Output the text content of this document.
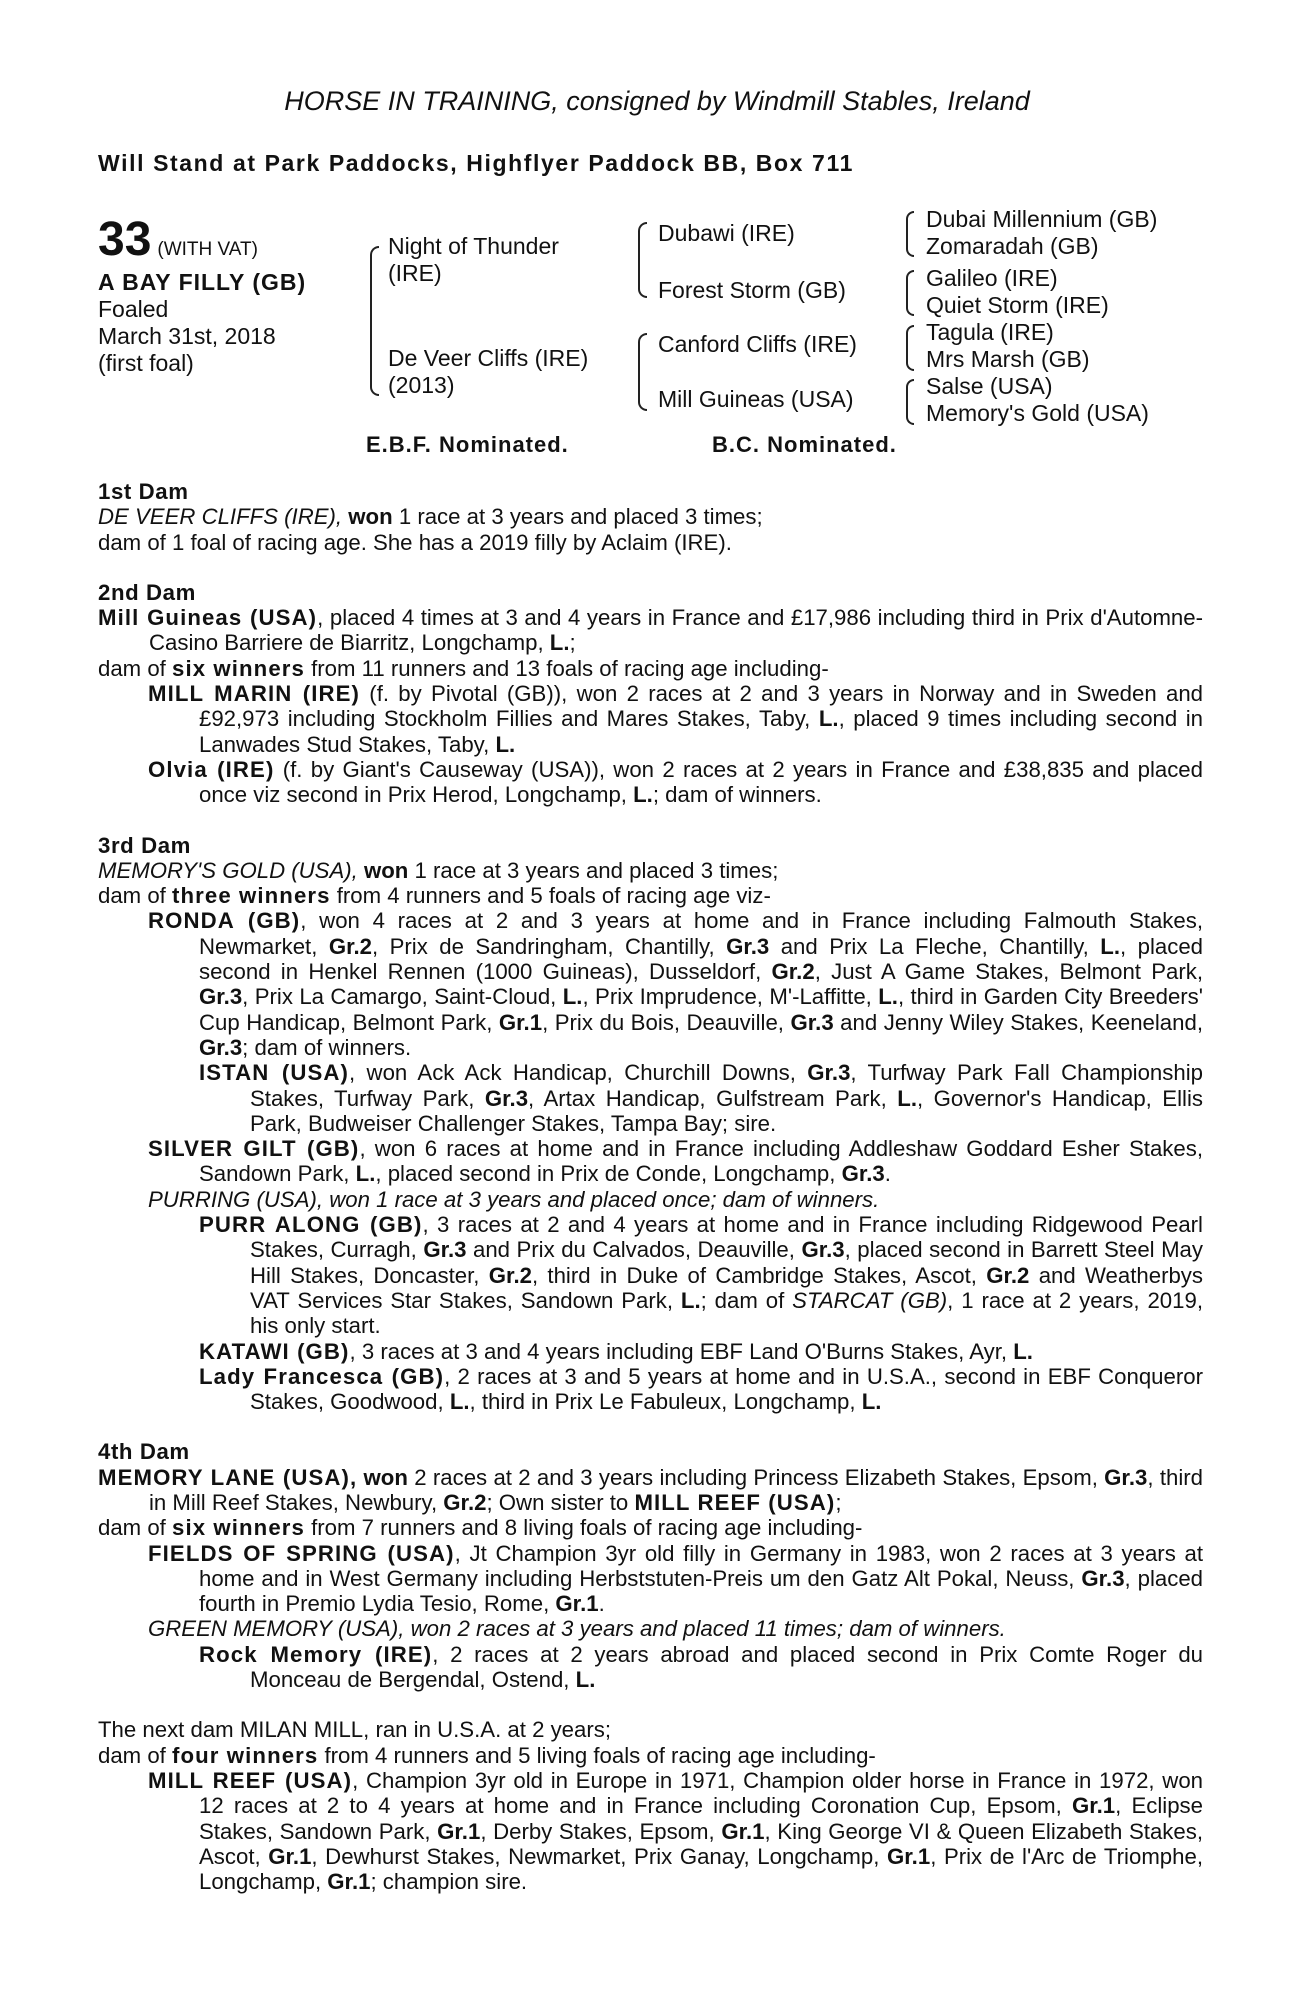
HORSE IN TRAINING, consigned by Windmill Stables, Ireland
Will Stand at Park Paddocks, Highflyer Paddock BB, Box 711
33 (WITH VAT)
A BAY FILLY (GB)
Foaled
March 31st, 2018
(first foal)
Night of Thunder
(IRE)
De Veer Cliffs (IRE)
(2013)
Dubawi (IRE)
Forest Storm (GB)
Canford Cliffs (IRE)
Mill Guineas (USA)
Dubai Millennium (GB)
Zomaradah (GB)
Galileo (IRE)
Quiet Storm (IRE)
Tagula (IRE)
Mrs Marsh (GB)
Salse (USA)
Memory's Gold (USA)
E.B.F. Nominated.	B.C. Nominated.

1st Dam

DE VEER CLIFFS (IRE), won 1 race at 3 years and placed 3 times;

dam of 1 foal of racing age. She has a 2019 filly by Aclaim (IRE).

2nd Dam

Mill Guineas (USA), placed 4 times at 3 and 4 years in France and £17,986 including third in Prix d'Automne-Casino Barriere de Biarritz, Longchamp, L.;

dam of six winners from 11 runners and 13 foals of racing age including-

MILL MARIN (IRE) (f. by Pivotal (GB)), won 2 races at 2 and 3 years in Norway and in Sweden and £92,973 including Stockholm Fillies and Mares Stakes, Taby, L., placed 9 times including second in Lanwades Stud Stakes, Taby, L.

Olvia (IRE) (f. by Giant's Causeway (USA)), won 2 races at 2 years in France and £38,835 and placed once viz second in Prix Herod, Longchamp, L.; dam of winners.

3rd Dam

MEMORY'S GOLD (USA), won 1 race at 3 years and placed 3 times;

dam of three winners from 4 runners and 5 foals of racing age viz-

RONDA (GB), won 4 races at 2 and 3 years at home and in France including Falmouth Stakes, Newmarket, Gr.2, Prix de Sandringham, Chantilly, Gr.3 and Prix La Fleche, Chantilly, L., placed second in Henkel Rennen (1000 Guineas), Dusseldorf, Gr.2, Just A Game Stakes, Belmont Park, Gr.3, Prix La Camargo, Saint-Cloud, L., Prix Imprudence, M'-Laffitte, L., third in Garden City Breeders' Cup Handicap, Belmont Park, Gr.1, Prix du Bois, Deauville, Gr.3 and Jenny Wiley Stakes, Keeneland, Gr.3; dam of winners.

ISTAN (USA), won Ack Ack Handicap, Churchill Downs, Gr.3, Turfway Park Fall Championship Stakes, Turfway Park, Gr.3, Artax Handicap, Gulfstream Park, L., Governor's Handicap, Ellis Park, Budweiser Challenger Stakes, Tampa Bay; sire.

SILVER GILT (GB), won 6 races at home and in France including Addleshaw Goddard Esher Stakes, Sandown Park, L., placed second in Prix de Conde, Longchamp, Gr.3.

PURRING (USA), won 1 race at 3 years and placed once; dam of winners.

PURR ALONG (GB), 3 races at 2 and 4 years at home and in France including Ridgewood Pearl Stakes, Curragh, Gr.3 and Prix du Calvados, Deauville, Gr.3, placed second in Barrett Steel May Hill Stakes, Doncaster, Gr.2, third in Duke of Cambridge Stakes, Ascot, Gr.2 and Weatherbys VAT Services Star Stakes, Sandown Park, L.; dam of STARCAT (GB), 1 race at 2 years, 2019, his only start.

KATAWI (GB), 3 races at 3 and 4 years including EBF Land O'Burns Stakes, Ayr, L.

Lady Francesca (GB), 2 races at 3 and 5 years at home and in U.S.A., second in EBF Conqueror Stakes, Goodwood, L., third in Prix Le Fabuleux, Longchamp, L.

4th Dam

MEMORY LANE (USA), won 2 races at 2 and 3 years including Princess Elizabeth Stakes, Epsom, Gr.3, third in Mill Reef Stakes, Newbury, Gr.2; Own sister to MILL REEF (USA);

dam of six winners from 7 runners and 8 living foals of racing age including-

FIELDS OF SPRING (USA), Jt Champion 3yr old filly in Germany in 1983, won 2 races at 3 years at home and in West Germany including Herbststuten-Preis um den Gatz Alt Pokal, Neuss, Gr.3, placed fourth in Premio Lydia Tesio, Rome, Gr.1.

GREEN MEMORY (USA), won 2 races at 3 years and placed 11 times; dam of winners.

Rock Memory (IRE), 2 races at 2 years abroad and placed second in Prix Comte Roger du Monceau de Bergendal, Ostend, L.

The next dam MILAN MILL, ran in U.S.A. at 2 years;

dam of four winners from 4 runners and 5 living foals of racing age including-

MILL REEF (USA), Champion 3yr old in Europe in 1971, Champion older horse in France in 1972, won 12 races at 2 to 4 years at home and in France including Coronation Cup, Epsom, Gr.1, Eclipse Stakes, Sandown Park, Gr.1, Derby Stakes, Epsom, Gr.1, King George VI & Queen Elizabeth Stakes, Ascot, Gr.1, Dewhurst Stakes, Newmarket, Prix Ganay, Longchamp, Gr.1, Prix de l'Arc de Triomphe, Longchamp, Gr.1; champion sire.
